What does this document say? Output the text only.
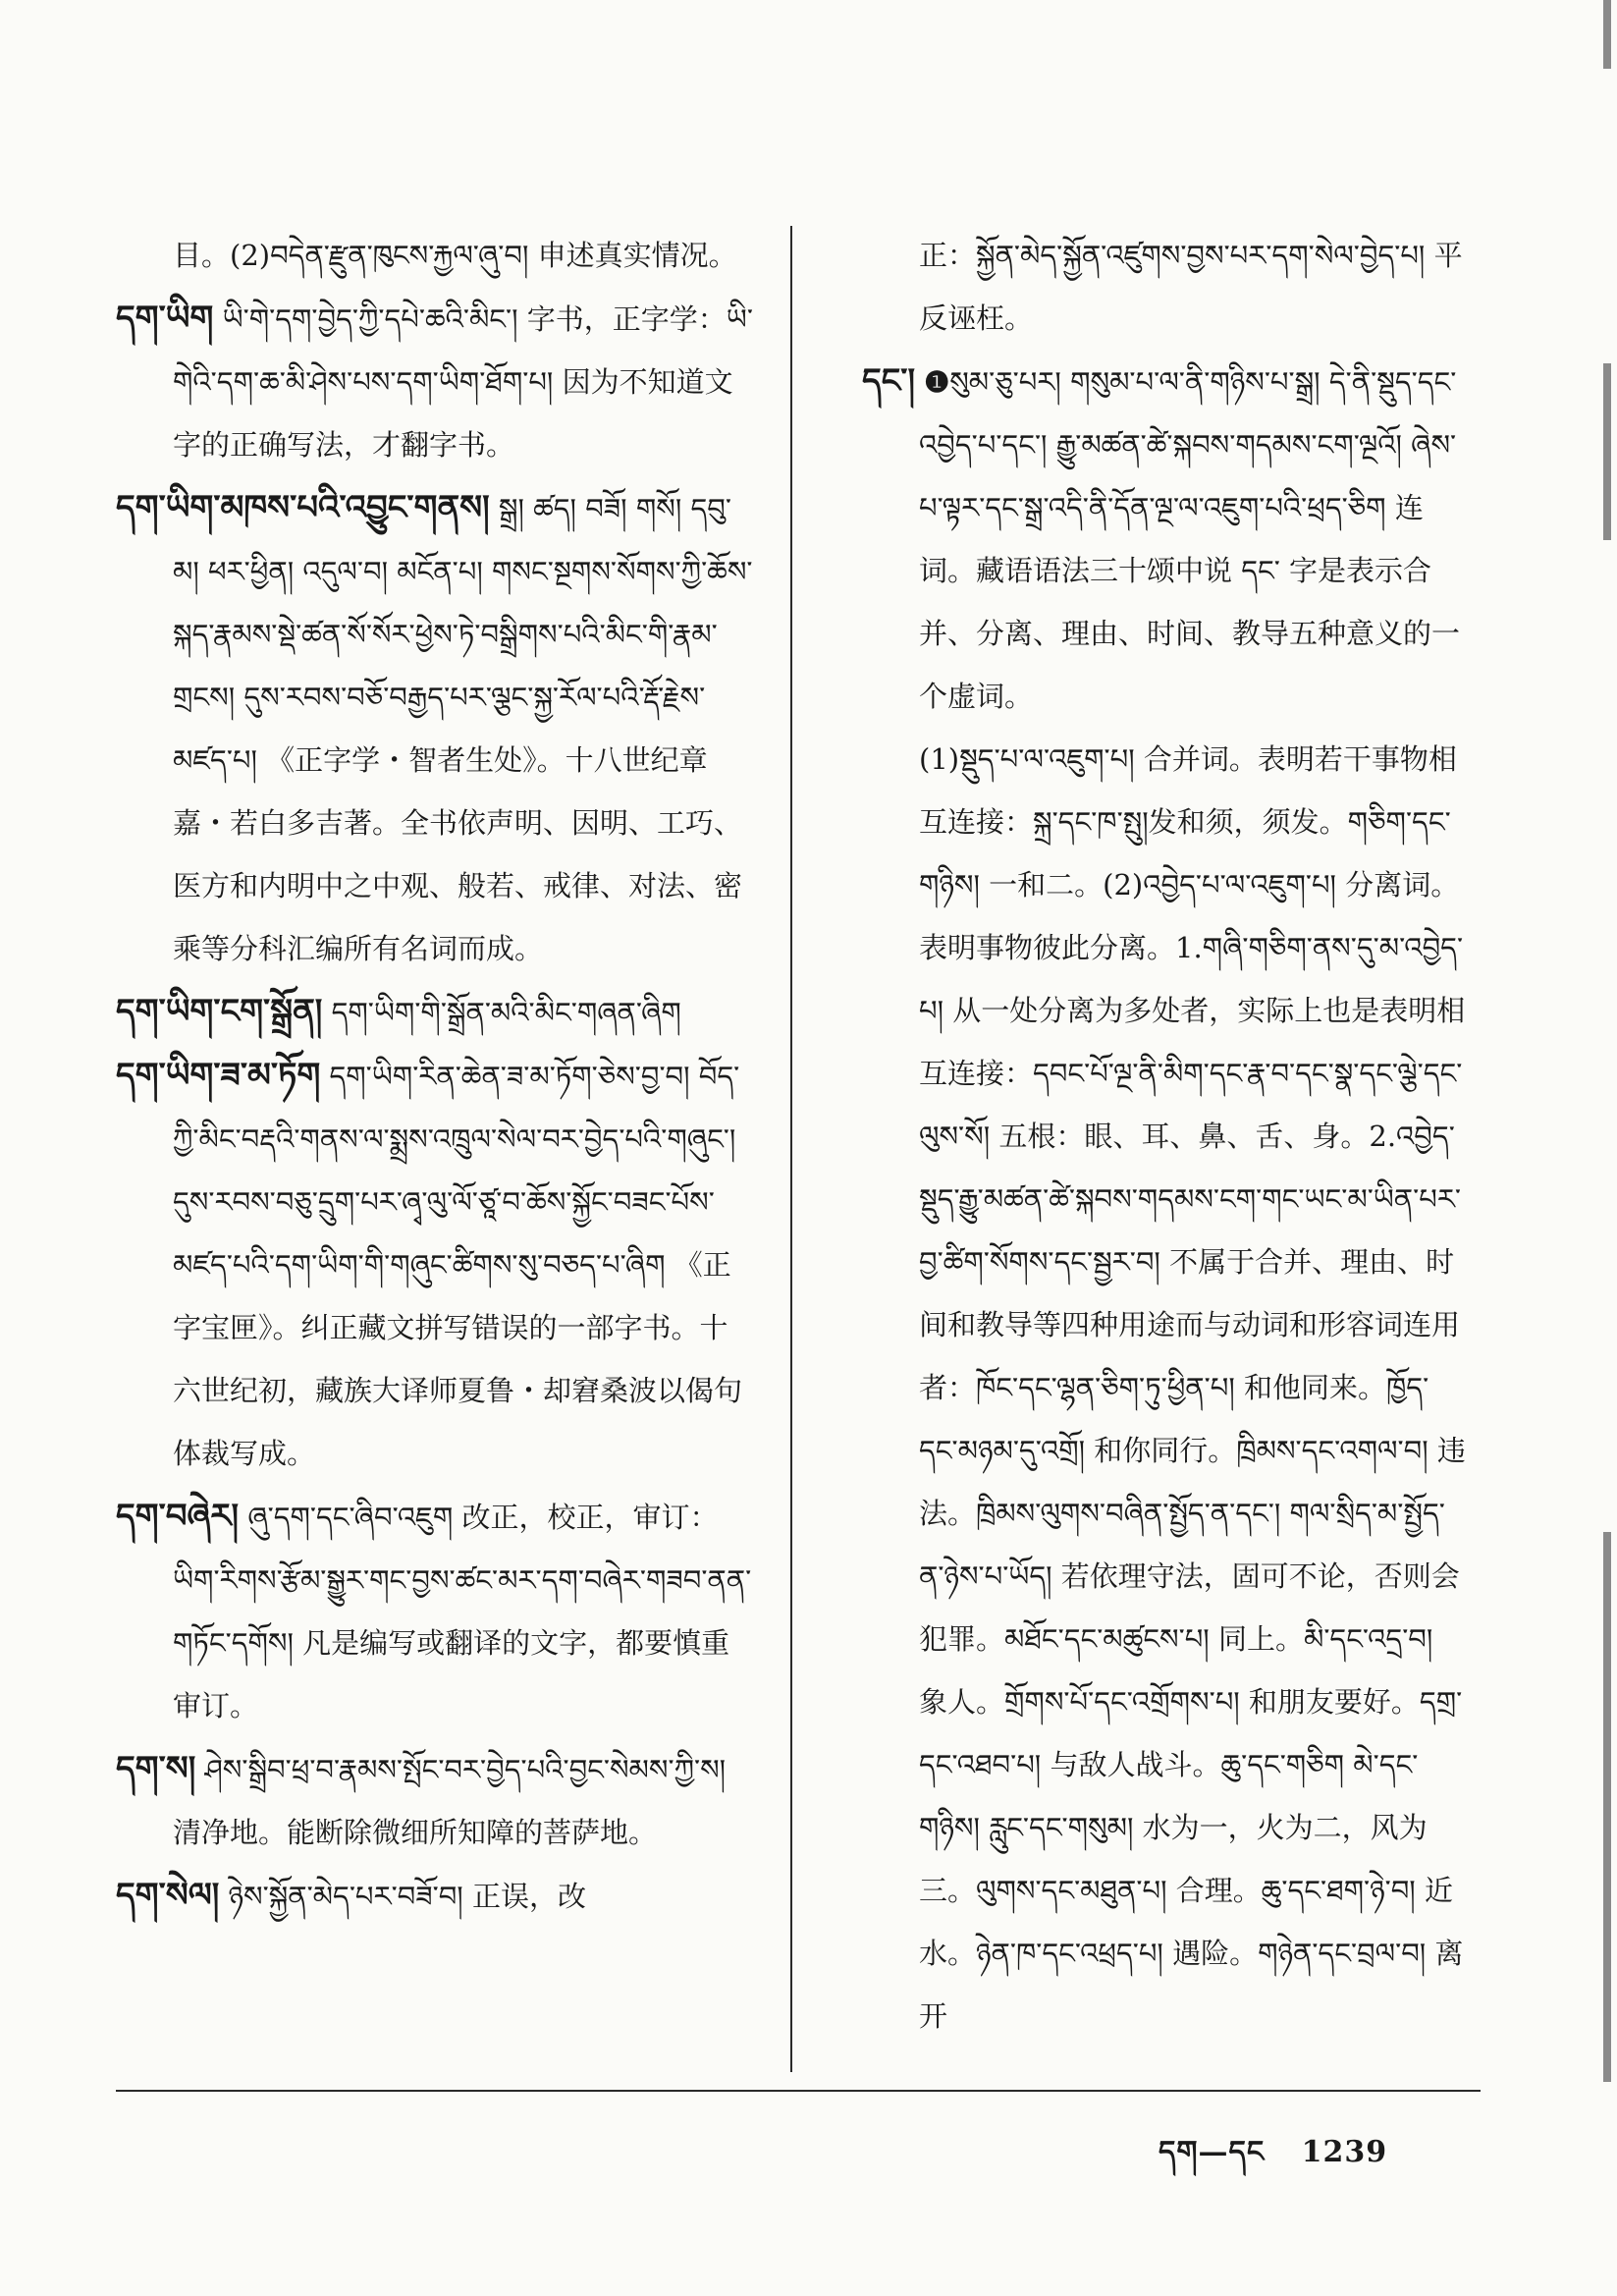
目。(2)བདེན་རྫུན་ཁུངས་རྐྱལ་ཞུ་བ། 申述真实情况。

དག་ཡིག ཡི་གེ་དག་བྱེད་ཀྱི་དཔེ་ཆའི་མིང་། 字书，正字学：ཡི་གེའི་དག་ཆ་མི་ཤེས་པས་དག་ཡིག་ཐོག་པ། 因为不知道文字的正确写法，才翻字书。

དག་ཡིག་མཁས་པའི་འབྱུང་གནས། སྒྲ། ཚད། བཟོ། གསོ། དབུ་མ། ཕར་ཕྱིན། འདུལ་བ། མངོན་པ། གསང་སྔགས་སོགས་ཀྱི་ཆོས་སྐད་རྣམས་སྡེ་ཚན་སོ་སོར་ཕྱེས་ཏེ་བསྒྲིགས་པའི་མིང་གི་རྣམ་གྲངས། དུས་རབས་བཅོ་བརྒྱད་པར་ལྕང་སྐྱ་རོལ་པའི་རྡོ་རྗེས་མཛད་པ། 《正字学・智者生处》。十八世纪章嘉・若白多吉著。全书依声明、因明、工巧、医方和内明中之中观、般若、戒律、对法、密乘等分科汇编所有名词而成。

དག་ཡིག་ངག་སྒྲོན། དག་ཡིག་གི་སྒྲོན་མའི་མིང་གཞན་ཞིག

དག་ཡིག་ཟ་མ་ཏོག དག་ཡིག་རིན་ཆེན་ཟ་མ་ཏོག་ཅེས་བྱ་བ། བོད་ཀྱི་མིང་བརྡའི་གནས་ལ་སྨྲས་འཁྲུལ་སེལ་བར་བྱེད་པའི་གཞུང་། དུས་རབས་བཅུ་དྲུག་པར་ཞྭ་ལུ་ལོ་ཙཱ་བ་ཆོས་སྐྱོང་བཟང་པོས་མཛད་པའི་དག་ཡིག་གི་གཞུང་ཚིགས་སུ་བཅད་པ་ཞིག 《正字宝匣》。纠正藏文拼写错误的一部字书。十六世纪初，藏族大译师夏鲁・却窘桑波以偈句体裁写成。

དག་བཞེར། ཞུ་དག་དང་ཞིབ་འཇུག 改正，校正，审订：ཡིག་རིགས་རྩོམ་སྒྱུར་གང་བྱས་ཚང་མར་དག་བཞེར་གཟབ་ནན་གཏོང་དགོས། 凡是编写或翻译的文字，都要慎重审订。

དག་ས། ཤེས་སྒྲིབ་ཕྲ་བ་རྣམས་སྤོང་བར་བྱེད་པའི་བྱང་སེམས་ཀྱི་ས། 清净地。能断除微细所知障的菩萨地。

དག་སེལ། ཉེས་སྐྱོན་མེད་པར་བཟོ་བ། 正误，改

正：སྐྱོན་མེད་སྐྱོན་འཛུགས་བྱས་པར་དག་སེལ་བྱེད་པ། 平反诬枉。

དང་། ❶སུམ་ཅུ་པར། གསུམ་པ་ལ་ནི་གཉིས་པ་སྒྲ། དེ་ནི་སྡུད་དང་འབྱེད་པ་དང་། རྒྱུ་མཚན་ཚེ་སྐབས་གདམས་ངག་ལྔའོ། ཞེས་པ་ལྟར་དང་སྒྲ་འདི་ནི་དོན་ལྔ་ལ་འཇུག་པའི་ཕྲད་ཅིག 连词。藏语语法三十颂中说 དང་ 字是表示合并、分离、理由、时间、教导五种意义的一个虚词。

(1)སྡུད་པ་ལ་འཇུག་པ། 合并词。表明若干事物相互连接：སྐྲ་དང་ཁ་སྤུ།发和须，须发。གཅིག་དང་གཉིས། 一和二。(2)འབྱེད་པ་ལ་འཇུག་པ། 分离词。表明事物彼此分离。1.གཞི་གཅིག་ནས་དུ་མ་འབྱེད་པ། 从一处分离为多处者，实际上也是表明相互连接：དབང་པོ་ལྔ་ནི་མིག་དང་རྣ་བ་དང་སྣ་དང་ལྕེ་དང་ལུས་སོ། 五根：眼、耳、鼻、舌、身。2.འབྱེད་སྡུད་རྒྱུ་མཚན་ཚེ་སྐབས་གདམས་ངག་གང་ཡང་མ་ཡིན་པར་བྱ་ཚིག་སོགས་དང་སྦྱར་བ། 不属于合并、理由、时间和教导等四种用途而与动词和形容词连用者：ཁོང་དང་ལྷན་ཅིག་ཏུ་ཕྱིན་པ། 和他同来。ཁྱོད་དང་མཉམ་དུ་འགྲོ། 和你同行。ཁྲིམས་དང་འགལ་བ། 违法。ཁྲིམས་ལུགས་བཞིན་སྤྱོད་ན་དང་། གལ་སྲིད་མ་སྤྱོད་ན་ཉེས་པ་ཡོད། 若依理守法，固可不论，否则会犯罪。མཐོང་དང་མཚུངས་པ། 同上。མི་དང་འདྲ་བ། 象人。གྲོགས་པོ་དང་འགྲོགས་པ། 和朋友要好。དགྲ་དང་འཐབ་པ། 与敌人战斗。ཆུ་དང་གཅིག མེ་དང་གཉིས། རླུང་དང་གསུམ། 水为一，火为二，风为三。ལུགས་དང་མཐུན་པ། 合理。ཆུ་དང་ཐག་ཉེ་བ། 近水。ཉེན་ཁ་དང་འཕྲད་པ། 遇险。གཉེན་དང་བྲལ་བ། 离开

དག—དང 1239
